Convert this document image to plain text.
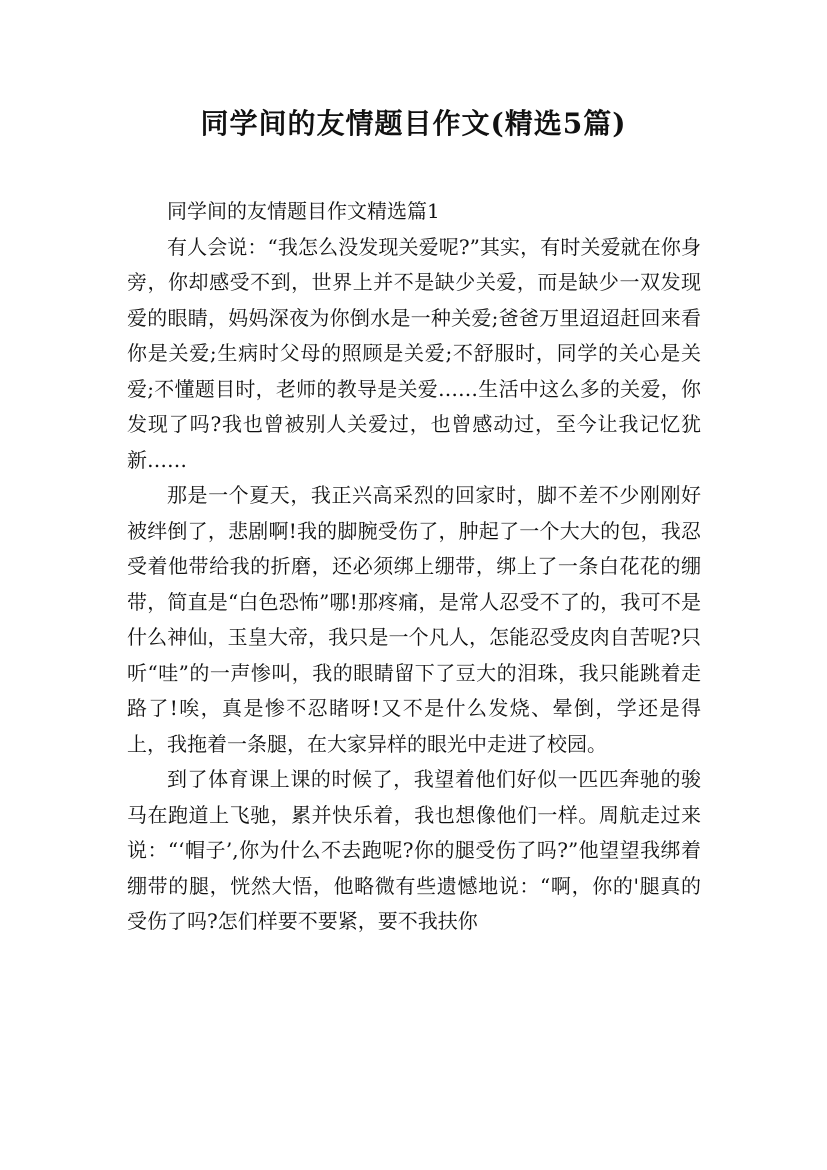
同学间的友情题目作文(精选5篇)

同学间的友情题目作文精选篇1

有人会说：“我怎么没发现关爱呢?”其实，有时关爱就在你身旁，你却感受不到，世界上并不是缺少关爱，而是缺少一双发现爱的眼睛，妈妈深夜为你倒水是一种关爱;爸爸万里迢迢赶回来看你是关爱;生病时父母的照顾是关爱;不舒服时，同学的关心是关爱;不懂题目时，老师的教导是关爱……生活中这么多的关爱，你发现了吗?我也曾被别人关爱过，也曾感动过，至今让我记忆犹新……

那是一个夏天，我正兴高采烈的回家时，脚不差不少刚刚好被绊倒了，悲剧啊!我的脚腕受伤了，肿起了一个大大的包，我忍受着他带给我的折磨，还必须绑上绷带，绑上了一条白花花的绷带，简直是“白色恐怖”哪!那疼痛，是常人忍受不了的，我可不是什么神仙，玉皇大帝，我只是一个凡人，怎能忍受皮肉自苦呢?只听“哇”的一声惨叫，我的眼睛留下了豆大的泪珠，我只能跳着走路了!唉，真是惨不忍睹呀!又不是什么发烧、晕倒，学还是得上，我拖着一条腿，在大家异样的眼光中走进了校园。

到了体育课上课的时候了，我望着他们好似一匹匹奔驰的骏马在跑道上飞驰，累并快乐着，我也想像他们一样。周航走过来说：“‘帽子’,你为什么不去跑呢?你的腿受伤了吗?”他望望我绑着绷带的腿，恍然大悟，他略微有些遗憾地说：“啊，你的'腿真的受伤了吗?怎们样要不要紧，要不我扶你
